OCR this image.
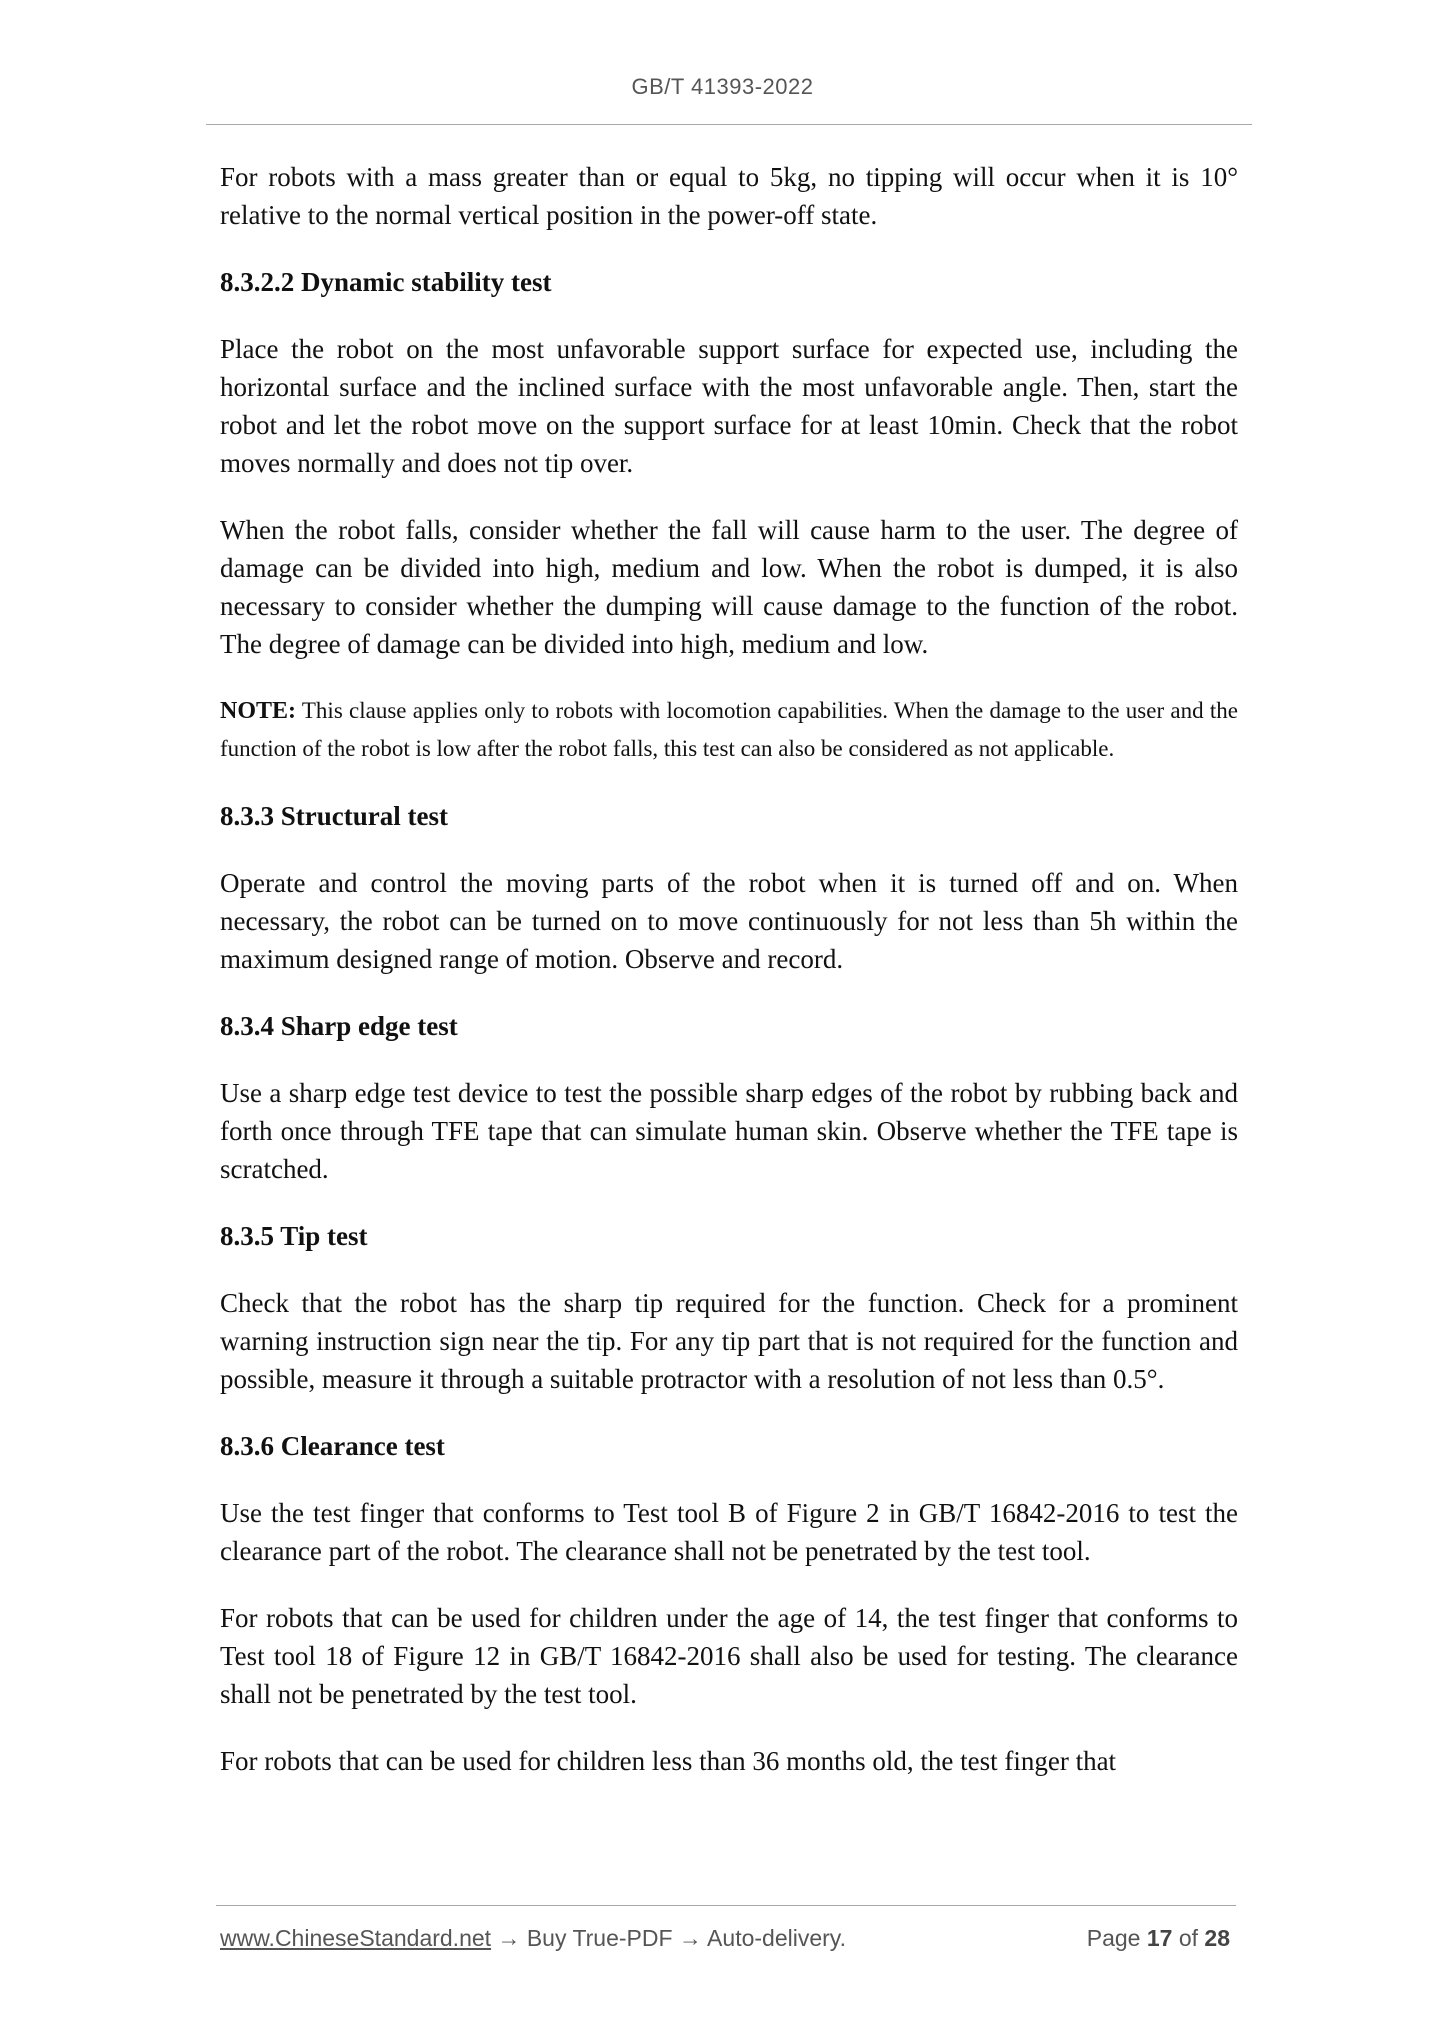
GB/T 41393-2022

For robots with a mass greater than or equal to 5kg, no tipping will occur when it is 10° relative to the normal vertical position in the power-off state.

8.3.2.2 Dynamic stability test

Place the robot on the most unfavorable support surface for expected use, including the horizontal surface and the inclined surface with the most unfavorable angle. Then, start the robot and let the robot move on the support surface for at least 10min. Check that the robot moves normally and does not tip over.

When the robot falls, consider whether the fall will cause harm to the user. The degree of damage can be divided into high, medium and low. When the robot is dumped, it is also necessary to consider whether the dumping will cause damage to the function of the robot. The degree of damage can be divided into high, medium and low.

NOTE: This clause applies only to robots with locomotion capabilities. When the damage to the user and the function of the robot is low after the robot falls, this test can also be considered as not applicable.

8.3.3 Structural test

Operate and control the moving parts of the robot when it is turned off and on. When necessary, the robot can be turned on to move continuously for not less than 5h within the maximum designed range of motion. Observe and record.

8.3.4 Sharp edge test

Use a sharp edge test device to test the possible sharp edges of the robot by rubbing back and forth once through TFE tape that can simulate human skin. Observe whether the TFE tape is scratched.

8.3.5 Tip test

Check that the robot has the sharp tip required for the function. Check for a prominent warning instruction sign near the tip. For any tip part that is not required for the function and possible, measure it through a suitable protractor with a resolution of not less than 0.5°.

8.3.6 Clearance test

Use the test finger that conforms to Test tool B of Figure 2 in GB/T 16842-2016 to test the clearance part of the robot. The clearance shall not be penetrated by the test tool.

For robots that can be used for children under the age of 14, the test finger that conforms to Test tool 18 of Figure 12 in GB/T 16842-2016 shall also be used for testing. The clearance shall not be penetrated by the test tool.

For robots that can be used for children less than 36 months old, the test finger that

www.ChineseStandard.net → Buy True-PDF → Auto-delivery.	Page 17 of 28
